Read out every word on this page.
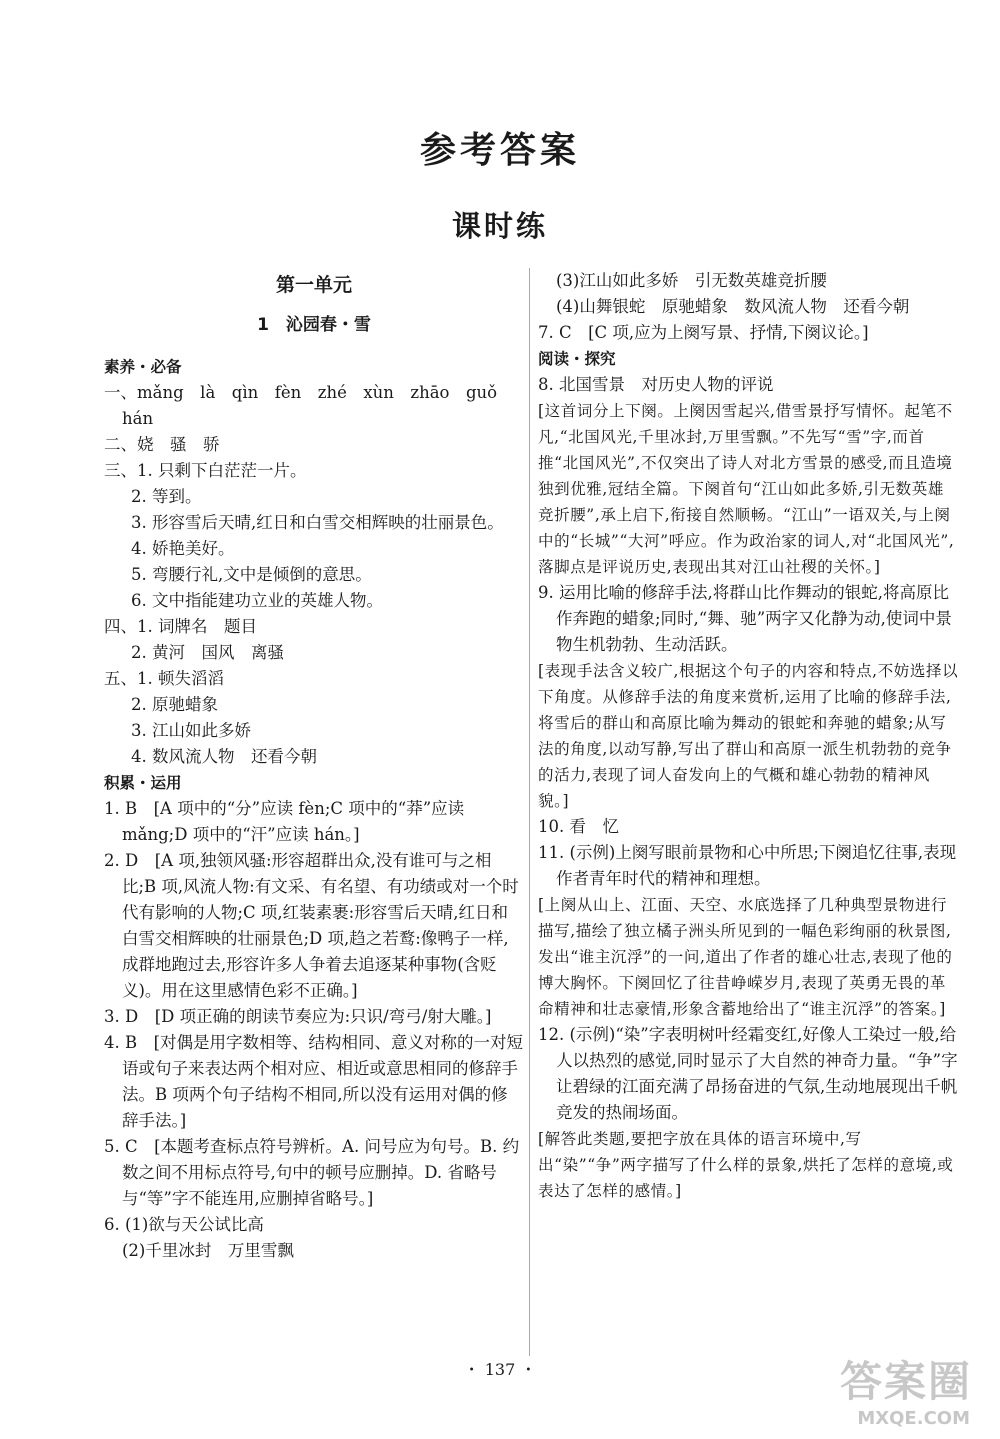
参考答案
课时练
第一单元
1　沁园春・雪
素养・必备
一、mǎng　là　qìn　fèn　zhé　xùn　zhāo　guǒ
hán
二、娆　骚　骄
三、1. 只剩下白茫茫一片。
2. 等到。
3. 形容雪后天晴,红日和白雪交相辉映的壮丽景色。
4. 娇艳美好。
5. 弯腰行礼,文中是倾倒的意思。
6. 文中指能建功立业的英雄人物。
四、1. 词牌名　题目
2. 黄河　国风　离骚
五、1. 顿失滔滔
2. 原驰蜡象
3. 江山如此多娇
4. 数风流人物　还看今朝
积累・运用
1. B　[A 项中的“分”应读 fèn;C 项中的“莽”应读 mǎng;D 项中的“汗”应读 hán。]
2. D　[A 项,独领风骚:形容超群出众,没有谁可与之相比;B 项,风流人物:有文采、有名望、有功绩或对一个时代有影响的人物;C 项,红装素裹:形容雪后天晴,红日和白雪交相辉映的壮丽景色;D 项,趋之若鹜:像鸭子一样,成群地跑过去,形容许多人争着去追逐某种事物(含贬义)。用在这里感情色彩不正确。]
3. D　[D 项正确的朗读节奏应为:只识/弯弓/射大雕。]
4. B　[对偶是用字数相等、结构相同、意义对称的一对短语或句子来表达两个相对应、相近或意思相同的修辞手法。B 项两个句子结构不相同,所以没有运用对偶的修辞手法。]
5. C　[本题考查标点符号辨析。A. 问号应为句号。B. 约数之间不用标点符号,句中的顿号应删掉。D. 省略号与“等”字不能连用,应删掉省略号。]
6. (1)欲与天公试比高
(2)千里冰封　万里雪飘
(3)江山如此多娇　引无数英雄竞折腰
(4)山舞银蛇　原驰蜡象　数风流人物　还看今朝
7. C　[C 项,应为上阕写景、抒情,下阕议论。]
阅读・探究
8. 北国雪景　对历史人物的评说
[这首词分上下阕。上阕因雪起兴,借雪景抒写情怀。起笔不凡,“北国风光,千里冰封,万里雪飘。”不先写“雪”字,而首推“北国风光”,不仅突出了诗人对北方雪景的感受,而且造境独到优雅,冠结全篇。下阕首句“江山如此多娇,引无数英雄竞折腰”,承上启下,衔接自然顺畅。“江山”一语双关,与上阕中的“长城”“大河”呼应。作为政治家的词人,对“北国风光”,落脚点是评说历史,表现出其对江山社稷的关怀。]
9. 运用比喻的修辞手法,将群山比作舞动的银蛇,将高原比作奔跑的蜡象;同时,“舞、驰”两字又化静为动,使词中景物生机勃勃、生动活跃。
[表现手法含义较广,根据这个句子的内容和特点,不妨选择以下角度。从修辞手法的角度来赏析,运用了比喻的修辞手法,将雪后的群山和高原比喻为舞动的银蛇和奔驰的蜡象;从写法的角度,以动写静,写出了群山和高原一派生机勃勃的竞争的活力,表现了词人奋发向上的气概和雄心勃勃的精神风貌。]
10. 看　忆
11. (示例)上阕写眼前景物和心中所思;下阕追忆往事,表现作者青年时代的精神和理想。
[上阕从山上、江面、天空、水底选择了几种典型景物进行描写,描绘了独立橘子洲头所见到的一幅色彩绚丽的秋景图,发出“谁主沉浮”的一问,道出了作者的雄心壮志,表现了他的博大胸怀。下阕回忆了往昔峥嵘岁月,表现了英勇无畏的革命精神和壮志豪情,形象含蓄地给出了“谁主沉浮”的答案。]
12. (示例)“染”字表明树叶经霜变红,好像人工染过一般,给人以热烈的感觉,同时显示了大自然的神奇力量。“争”字让碧绿的江面充满了昂扬奋进的气氛,生动地展现出千帆竞发的热闹场面。
[解答此类题,要把字放在具体的语言环境中,写出“染”“争”两字描写了什么样的景象,烘托了怎样的意境,或表达了怎样的感情。]
・ 137 ・	答案圈
MXQE.COM
